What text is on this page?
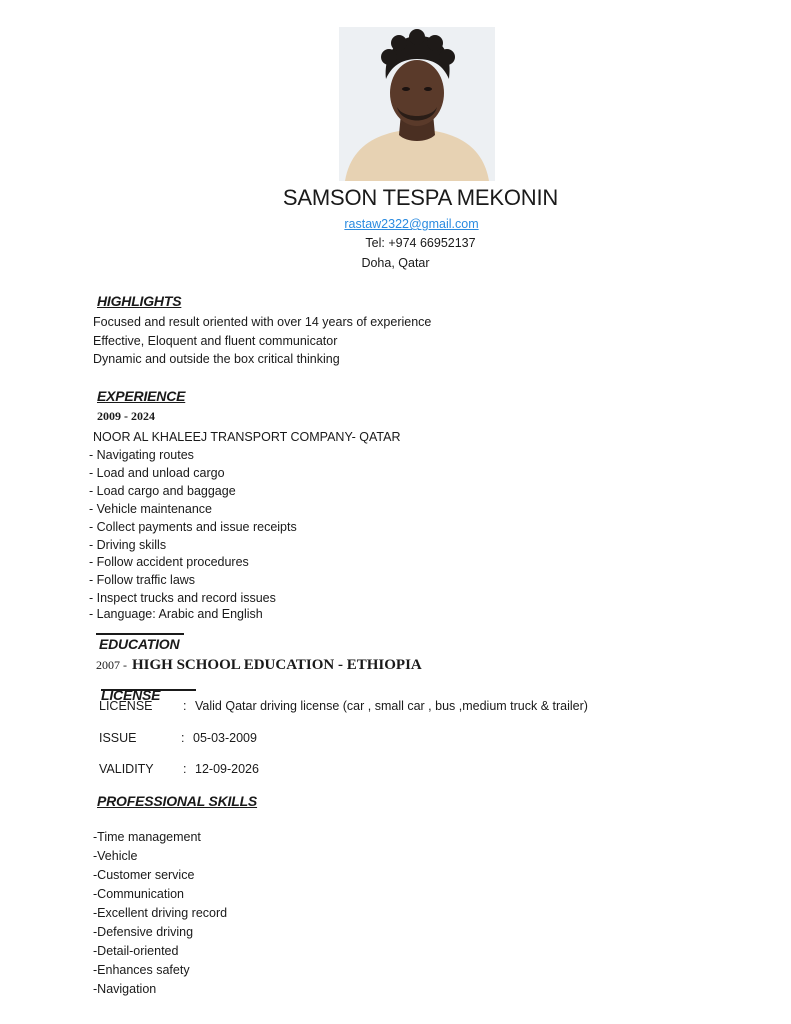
SAMSON TESPA MEKONIN
rastaw2322@gmail.com
Tel: +974 66952137
Doha, Qatar
HIGHLIGHTS
Focused and result oriented with over 14 years of experience
Effective, Eloquent and fluent communicator
Dynamic and outside the box critical thinking
EXPERIENCE
2009 - 2024
NOOR AL KHALEEJ TRANSPORT COMPANY- QATAR
- Navigating routes
- Load and unload cargo
- Load cargo and baggage
- Vehicle maintenance
- Collect payments and issue receipts
- Driving skills
- Follow accident procedures
- Follow traffic laws
- Inspect trucks and record issues
- Language: Arabic and English
EDUCATION
2007 - HIGH SCHOOL EDUCATION - ETHIOPIA
LICENSE
LICENSE : Valid Qatar driving license (car , small car , bus ,medium truck & trailer)
ISSUE	: 05-03-2009
VALIDITY : 12-09-2026
PROFESSIONAL SKILLS
-Time management
-Vehicle
-Customer service
-Communication
-Excellent driving record
-Defensive driving
-Detail-oriented
-Enhances safety
-Navigation
